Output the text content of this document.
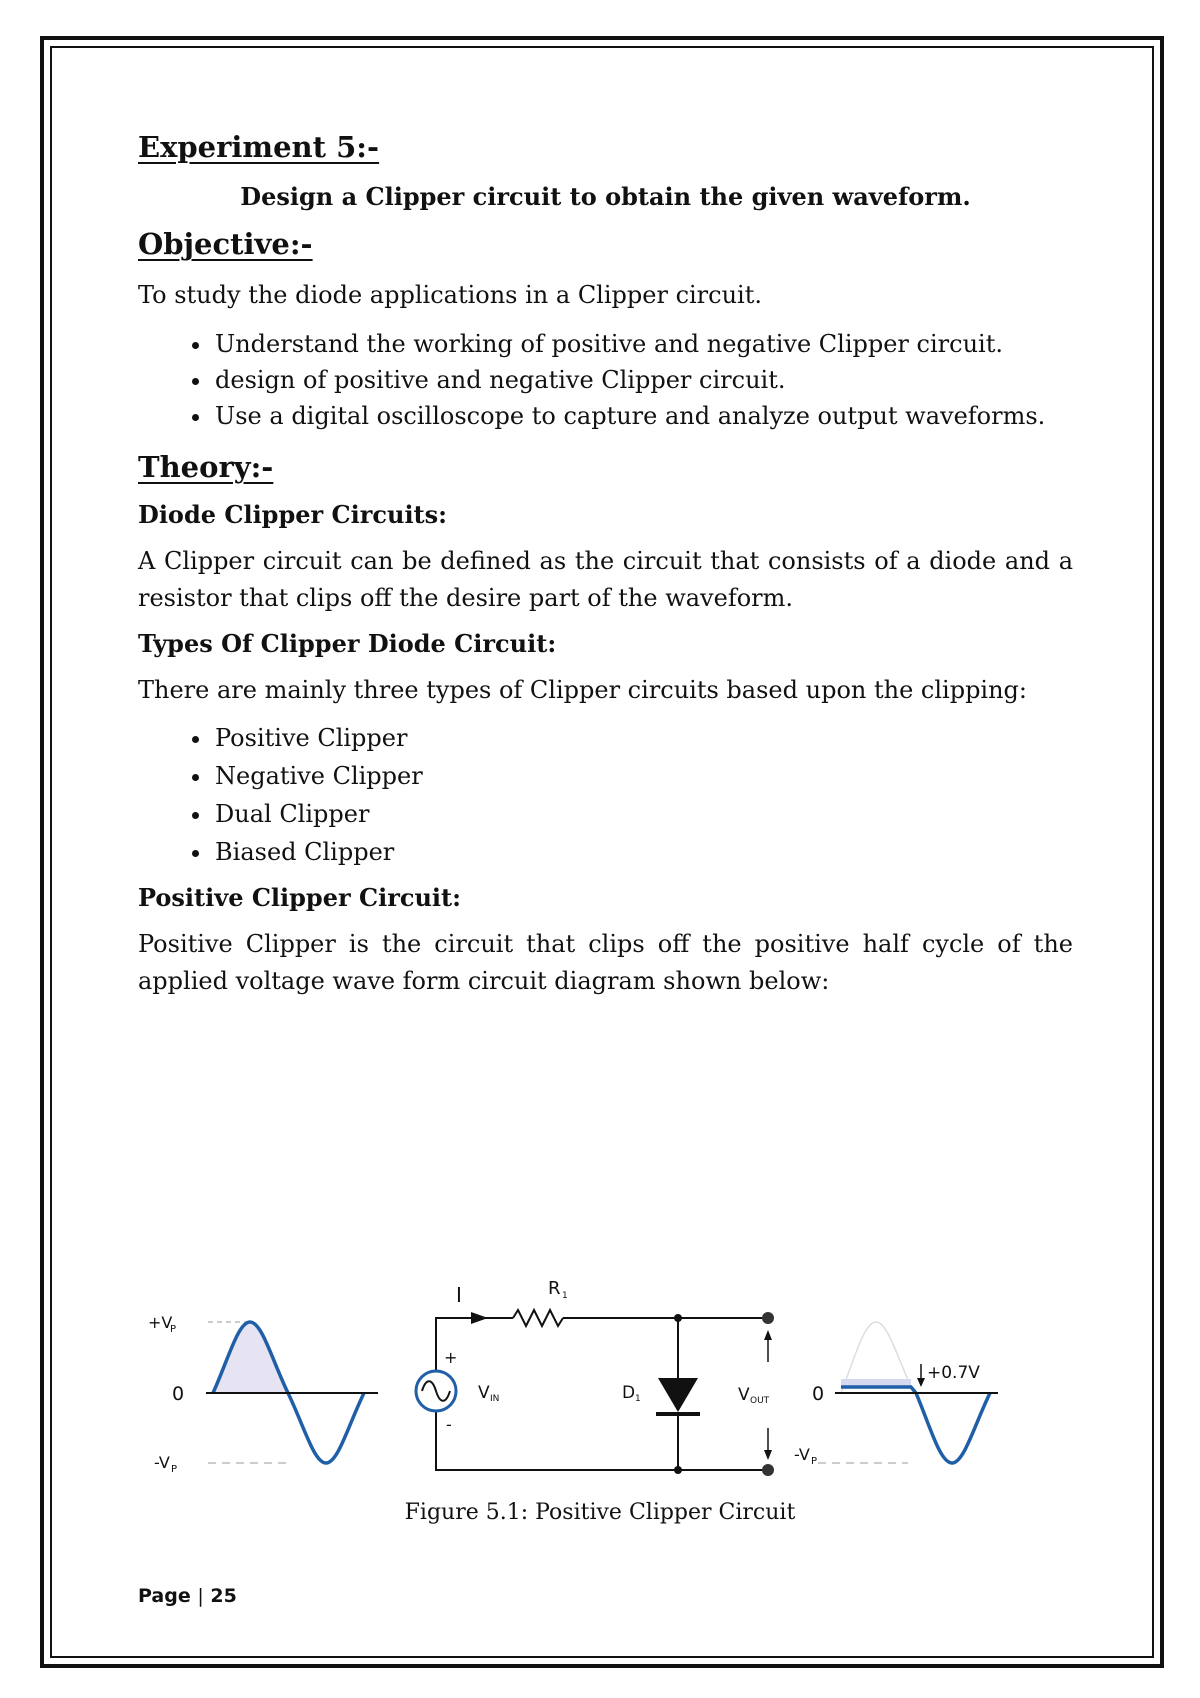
Experiment 5:-

Design a Clipper circuit to obtain the given waveform.

Objective:-

To study the diode applications in a Clipper circuit.

• Understand the working of positive and negative Clipper circuit.
• design of positive and negative Clipper circuit.
• Use a digital oscilloscope to capture and analyze output waveforms.
Theory:-

Diode Clipper Circuits:

A Clipper circuit can be defined as the circuit that consists of a diode and a resistor that clips off the desire part of the waveform.

Types Of Clipper Diode Circuit:

There are mainly three types of Clipper circuits based upon the clipping:

• Positive Clipper
• Negative Clipper
• Dual Clipper
• Biased Clipper

Positive Clipper Circuit:

Positive Clipper is the circuit that clips off the positive half cycle of the applied voltage wave form circuit diagram shown below:

+V
P
0
-V P
I	R 1
+
-
V IN	D 1	V OUT
+0.7V
0
-V P
Figure 5.1: Positive Clipper Circuit
Page | 25
